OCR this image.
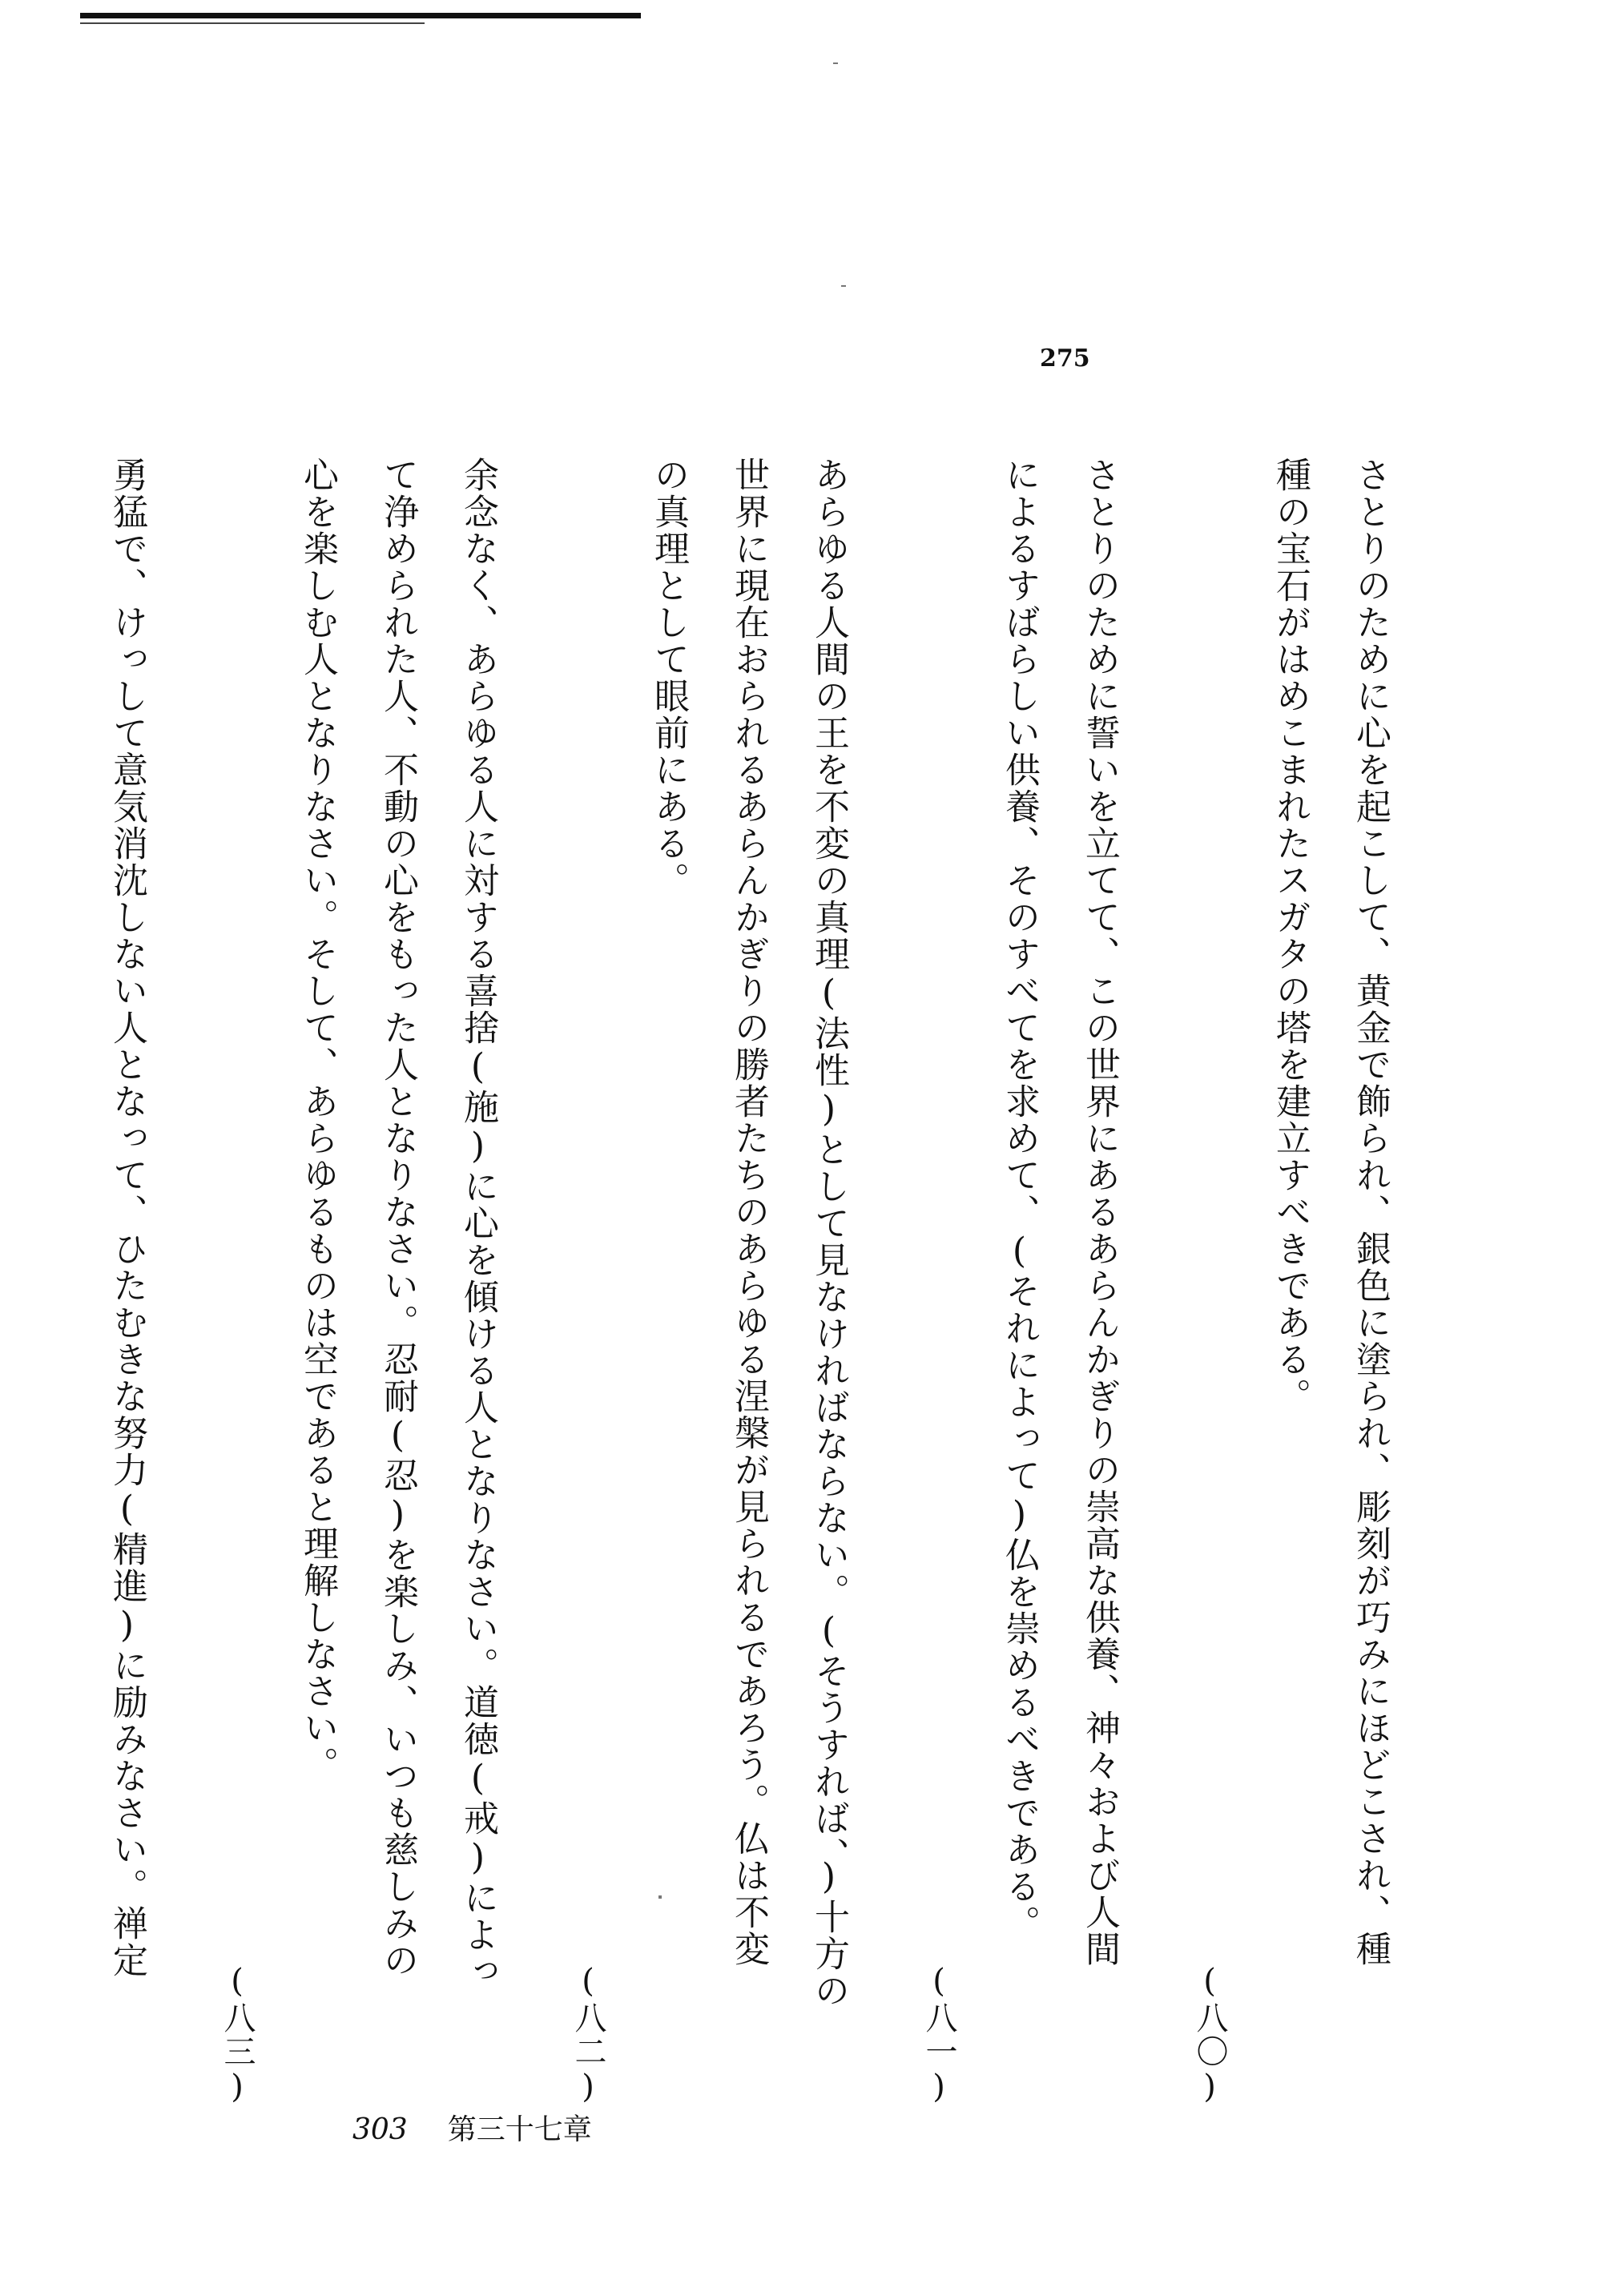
275
さとりのために心を起こして、黄金で飾られ、銀色に塗られ、彫刻が巧みにほどこされ、種
種の宝石がはめこまれたスガタの塔を建立すべきである。
(八〇)
さとりのために誓いを立てて、この世界にあるあらんかぎりの崇高な供養、神々および人間
によるすばらしい供養、そのすべてを求めて、(それによって)仏を崇めるべきである。
(八一)
あらゆる人間の王を不変の真理(法性)として見なければならない。(そうすれば、)十方の
世界に現在おられるあらんかぎりの勝者たちのあらゆる涅槃が見られるであろう。仏は不変
の真理として眼前にある。
(八二)
余念なく、あらゆる人に対する喜捨(施)に心を傾ける人となりなさい。道徳(戒)によっ
て浄められた人、不動の心をもった人となりなさい。忍耐(忍)を楽しみ、いつも慈しみの
心を楽しむ人となりなさい。そして、あらゆるものは空であると理解しなさい。
(八三)
勇猛で、けっして意気消沈しない人となって、ひたむきな努力(精進)に励みなさい。禅定
303 第三十七章
